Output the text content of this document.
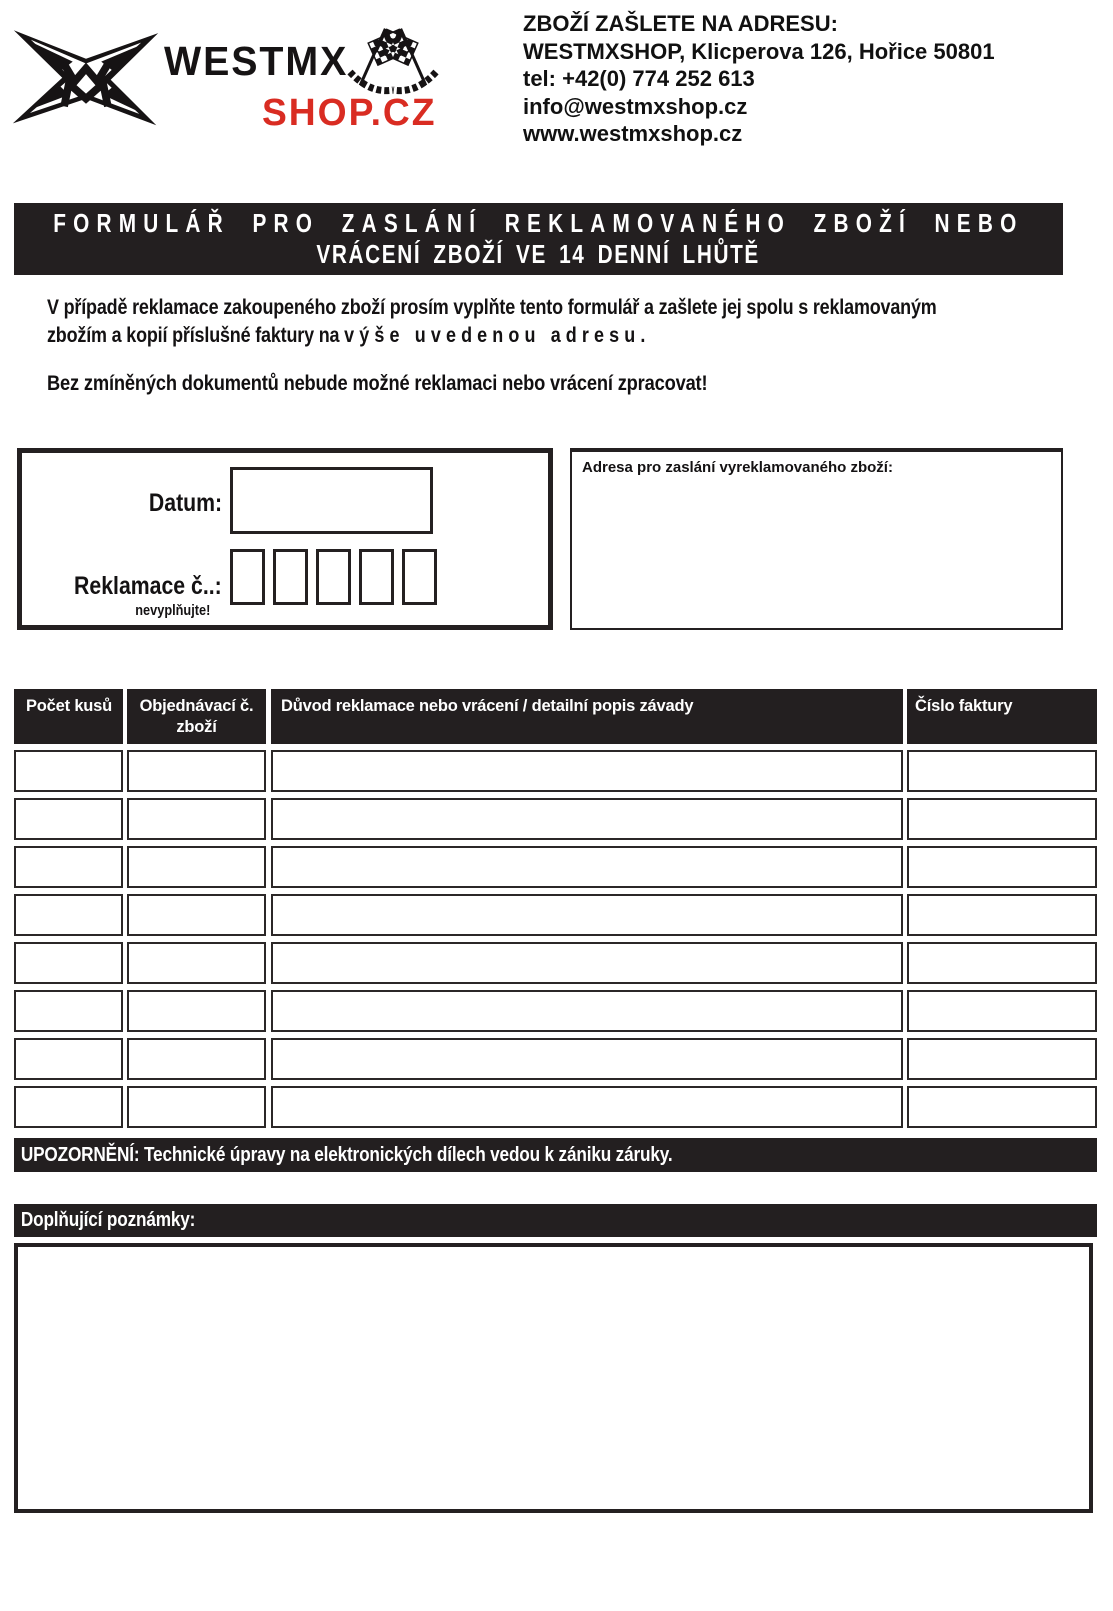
WESTMX
SHOP.CZ
ZBOŽÍ ZAŠLETE NA ADRESU:
WESTMXSHOP, Klicperova 126, Hořice 50801
tel: +42(0) 774 252 613
info@westmxshop.cz
www.westmxshop.cz
FORMULÁŘ PRO ZASLÁNÍ REKLAMOVANÉHO ZBOŽÍ NEBO
VRÁCENÍ ZBOŽÍ VE 14 DENNÍ LHŮTĚ
V případě reklamace zakoupeného zboží prosím vyplňte tento formulář a zašlete jej spolu s reklamovaným
zbožím a kopií příslušné faktury na výše uvedenou adresu.
Bez zmíněných dokumentů nebude možné reklamaci nebo vrácení zpracovat!
Datum:
Reklamace č..:
nevyplňujte!
Adresa pro zaslání vyreklamovaného zboží:
Počet kusů	Objednávací č. zboží
Důvod reklamace nebo vrácení / detailní popis závady	Číslo faktury
UPOZORNĚNÍ: Technické úpravy na elektronických dílech vedou k zániku záruky.
Doplňující poznámky:
